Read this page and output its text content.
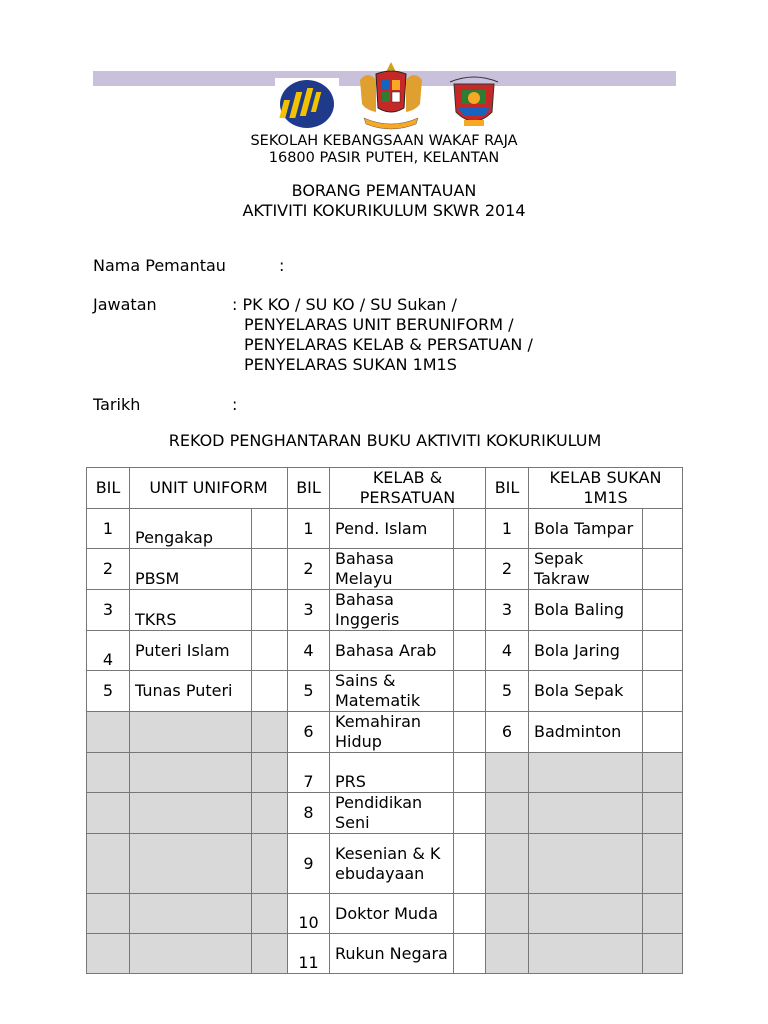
SEKOLAH KEBANGSAAN WAKAF RAJA
16800 PASIR PUTEH, KELANTAN
BORANG PEMANTAUAN
AKTIVITI KOKURIKULUM SKWR 2014
Nama Pemantau	:
Jawatan	: PK KO / SU KO / SU Sukan /
PENYELARAS UNIT BERUNIFORM /
PENYELARAS KELAB & PERSATUAN /
PENYELARAS SUKAN 1M1S
Tarikh	:
REKOD PENGHANTARAN BUKU AKTIVITI KOKURIKULUM
BIL	UNIT UNIFORM		BIL	KELAB & PERSATUAN		BIL	KELAB SUKAN 1M1S	
1	Pengakap		1	Pend. Islam		1	Bola Tampar	
2	PBSM		2	Bahasa Melayu		2	Sepak Takraw	
3	TKRS		3	Bahasa Inggeris		3	Bola Baling	
4	Puteri Islam		4	Bahasa Arab		4	Bola Jaring	
5	Tunas Puteri		5	Sains & Matematik		5	Bola Sepak	
			6	Kemahiran Hidup		6	Badminton	
			7	PRS				
			8	Pendidikan Seni				
			9	Kesenian & Kebudayaan				
			10	Doktor Muda				
			11	Rukun Negara				
